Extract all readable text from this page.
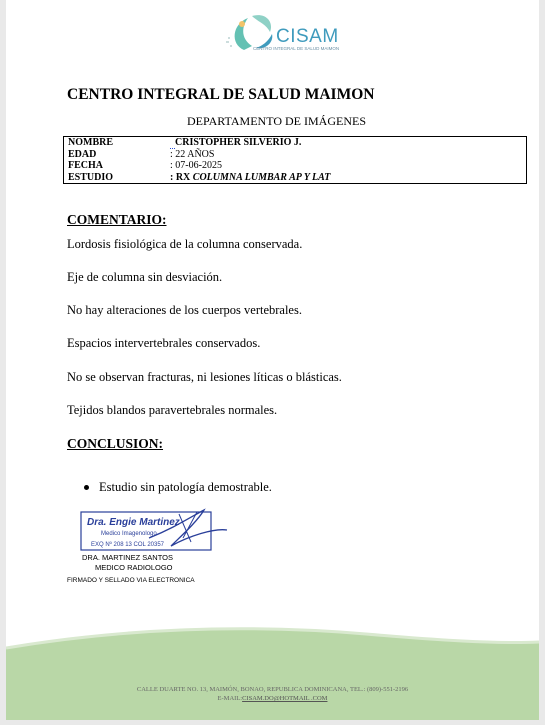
CISAM
CENTRO INTEGRAL DE SALUD MAIMON
CENTRO INTEGRAL DE SALUD MAIMON
DEPARTAMENTO DE IMÁGENES
NOMBRE	CRISTOPHER SILVERIO J.
EDAD	: 22 AÑOS
FECHA	: 07-06-2025
ESTUDIO	: RX COLUMNA LUMBAR AP Y LAT
COMENTARIO:
Lordosis fisiológica de la columna conservada.
Eje de columna sin desviación.
No hay alteraciones de los cuerpos vertebrales.
Espacios intervertebrales conservados.
No se observan fracturas, ni lesiones líticas o blásticas.
Tejidos blandos paravertebrales normales.
CONCLUSION:
Estudio sin patología demostrable.
Dra. Engie Martinez
Medico Imagenologo
EXQ Nº 208 13 COL 20357
DRA. MARTINEZ SANTOS
MEDICO RADIOLOGO
FIRMADO Y SELLADO VIA ELECTRONICA
CALLE DUARTE NO. 13, MAIMÓN, BONAO, REPUBLICA DOMINICANA, TEL.: (809)-551-2196
E-MAIL:CISAM.DO@HOTMAIL .COM
